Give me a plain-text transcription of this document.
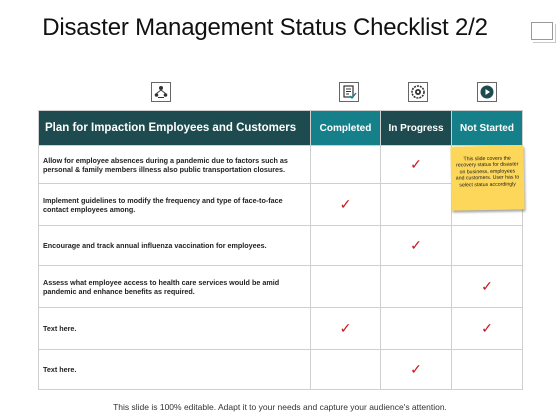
Disaster Management Status Checklist 2/2
Plan for Impaction Employees and Customers	Completed	In Progress	Not Started
Allow for employee absences during a pandemic due to factors such as personal & family members illness also public transportation closures.		✓	
Implement guidelines to modify the frequency and type of face-to-face contact employees among.	✓		
Encourage and track annual influenza vaccination for employees.		✓	
Assess what employee access to health care services would be amid pandemic and enhance benefits as required.			✓
Text here.	✓		✓
Text here.		✓	
This slide covers the recovery status for disaster on business, employees and customers. User has to select status accordingly
This slide is 100% editable. Adapt it to your needs and capture your audience's attention.
